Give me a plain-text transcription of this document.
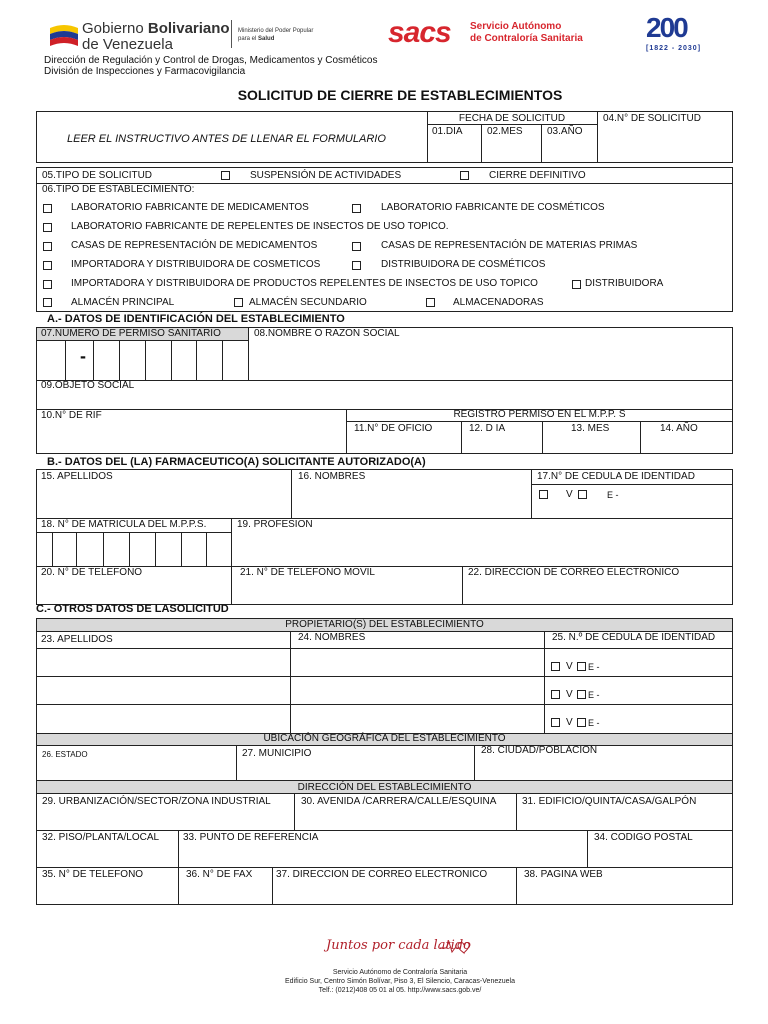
Gobierno Bolivariano
de Venezuela
Ministerio del Poder Popular
para el Salud	sacs Servicio Autónomo
de Contraloría Sanitaria 200
[1822 - 2030]
Dirección de Regulación y Control de Drogas, Medicamentos y Cosméticos
División de Inspecciones y Farmacovigilancia
SOLICITUD DE CIERRE DE ESTABLECIMIENTOS
LEER EL INSTRUCTIVO ANTES DE LLENAR EL FORMULARIO
FECHA DE SOLICITUD
01.DIA 02.MES 03.AÑO
04.N° DE SOLICITUD
05.TIPO DE SOLICITUD	SUSPENSIÓN DE ACTIVIDADES	CIERRE DEFINITIVO
06.TIPO DE ESTABLECIMIENTO:
LABORATORIO FABRICANTE DE MEDICAMENTOS	LABORATORIO FABRICANTE DE COSMÉTICOS
LABORATORIO FABRICANTE DE REPELENTES DE INSECTOS DE USO TOPICO.
CASAS DE REPRESENTACIÓN DE MEDICAMENTOS	CASAS DE REPRESENTACIÓN DE MATERIAS PRIMAS
IMPORTADORA Y DISTRIBUIDORA DE COSMETICOS	DISTRIBUIDORA DE COSMÉTICOS
IMPORTADORA Y DISTRIBUIDORA DE PRODUCTOS REPELENTES DE INSECTOS DE USO TOPICO	DISTRIBUIDORA
ALMACÉN PRINCIPAL	ALMACÉN SECUNDARIO	ALMACENADORAS
A.- DATOS DE IDENTIFICACIÓN DEL ESTABLECIMIENTO
07.NUMERO DE PERMISO SANITARIO	08.NOMBRE O RAZON SOCIAL
-
09.OBJETO SOCIAL
10.N° DE RIF	REGISTRO PERMISO EN EL M.P.P. S
11.N° DE OFICIO	12. D IA	13. MES	14. AÑO
B.- DATOS DEL (LA) FARMACEUTICO(A) SOLICITANTE AUTORIZADO(A)
15. APELLIDOS	16. NOMBRES	17.N° DE CEDULA DE IDENTIDAD
V	E -
18. N° DE MATRICULA DEL M.P.P.S.	19. PROFESION
20. N° DE TELEFONO	21. N° DE TELEFONO MOVIL	22. DIRECCION DE CORREO ELECTRONICO
C.- OTROS DATOS DE LASOLICITUD
PROPIETARIO(S) DEL ESTABLECIMIENTO
23. APELLIDOS	24. NOMBRES	25. N.º DE CEDULA DE IDENTIDAD
V E -
V E -
V E -
UBICACIÓN GEOGRÁFICA DEL ESTABLECIMIENTO
26. ESTADO	27. MUNICIPIO	28. CIUDAD/POBLACION
DIRECCIÓN DEL ESTABLECIMIENTO
29. URBANIZACIÓN/SECTOR/ZONA INDUSTRIAL	30. AVENIDA /CARRERA/CALLE/ESQUINA	31. EDIFICIO/QUINTA/CASA/GALPÓN
32. PISO/PLANTA/LOCAL 33. PUNTO DE REFERENCIA	34. CODIGO POSTAL
35. N° DE TELEFONO	36. N° DE FAX 37. DIRECCION DE CORREO ELECTRONICO	38. PAGINA WEB
Juntos por cada latido
Servicio Autónomo de Contraloría Sanitaria
Edificio Sur, Centro Simón Bolívar, Piso 3, El Silencio, Caracas-Venezuela
Telf.: (0212)408 05 01 al 05. http://www.sacs.gob.ve/
